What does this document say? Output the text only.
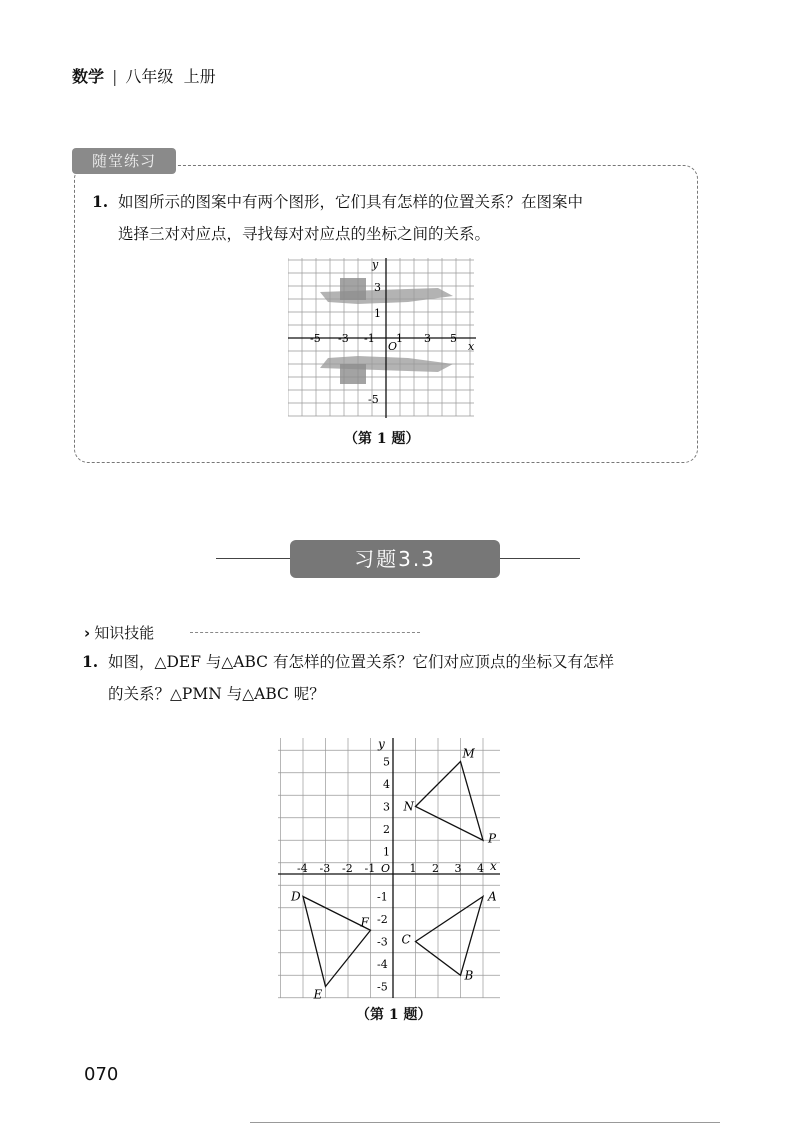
数学 | 八年级 上册
随堂练习
1. 如图所示的图案中有两个图形，它们具有怎样的位置关系？在图案中
选择三对对应点，寻找每对对应点的坐标之间的关系。
x
y
-5 -3 -1
O
1 3 5
3
1
-5
（第 1 题）
习题3.3
› 知识技能
1. 如图，△DEF 与△ABC 有怎样的位置关系？它们对应顶点的坐标又有怎样
的关系？△PMN 与△ABC 呢？
x
y
-4 -3 -2 -1 O 1 2 3 4
5
4
3
2
1
-1
-2
-3
-4
-5
M
N
P
A
B
C
D
E
F
（第 1 题）
070
